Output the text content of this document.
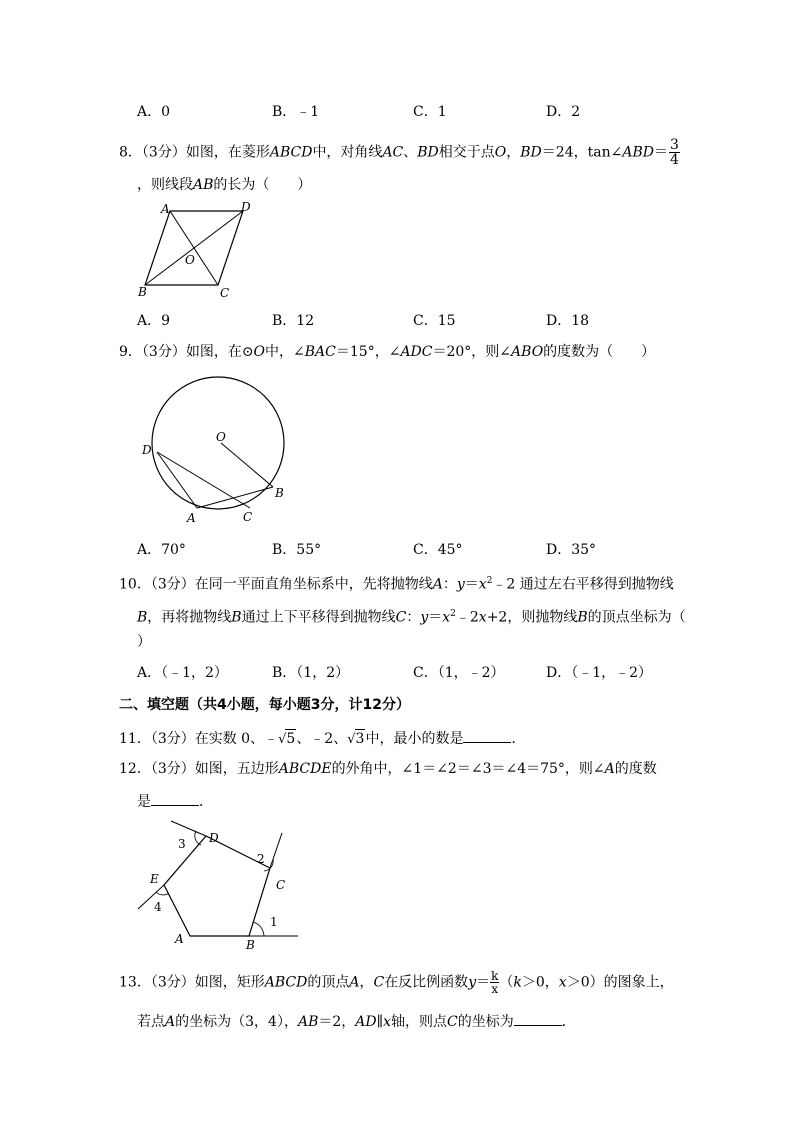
A．0	B．﹣1	C．1	D．2
8．（3分）如图，在菱形ABCD中，对角线AC、BD相交于点O，BD＝24，tan∠ABD＝ $\frac{3}{4}$
，则线段AB的长为（　　）
A	D
O
B	C
A．9	B．12	C．15	D．18
9．（3分）如图，在⊙O中，∠BAC＝15°，∠ADC＝20°，则∠ABO的度数为（　　）
O
D
B
A	C
A．70°	B．55°	C．45°	D．35°
10．（3分）在同一平面直角坐标系中，先将抛物线A：$y=x^2﹣2$ 通过左右平移得到抛物线
B，再将抛物线B通过上下平移得到抛物线C：$y=x^2﹣2x+2$，则抛物线B的顶点坐标为（
）
A．（﹣1，2）	B．（1，2）	C．（1，﹣2）	D．（﹣1，﹣2）
二、填空题（共4小题，每小题3分，计12分）
11．（3分）在实数 0、﹣√5、﹣2、√3中，最小的数是	．
12．（3分）如图，五边形ABCDE的外角中，∠1＝∠2＝∠3＝∠4＝75°，则∠A的度数
是	．
D
E	C
A	B
1
2
3
4
13．（3分）如图，矩形ABCD的顶点A，C在反比例函数$y= \frac{k}{x} (k>0$，x＞0）的图象上，
若点A的坐标为（3，4），AB＝2，AD∥x轴，则点C的坐标为	．
